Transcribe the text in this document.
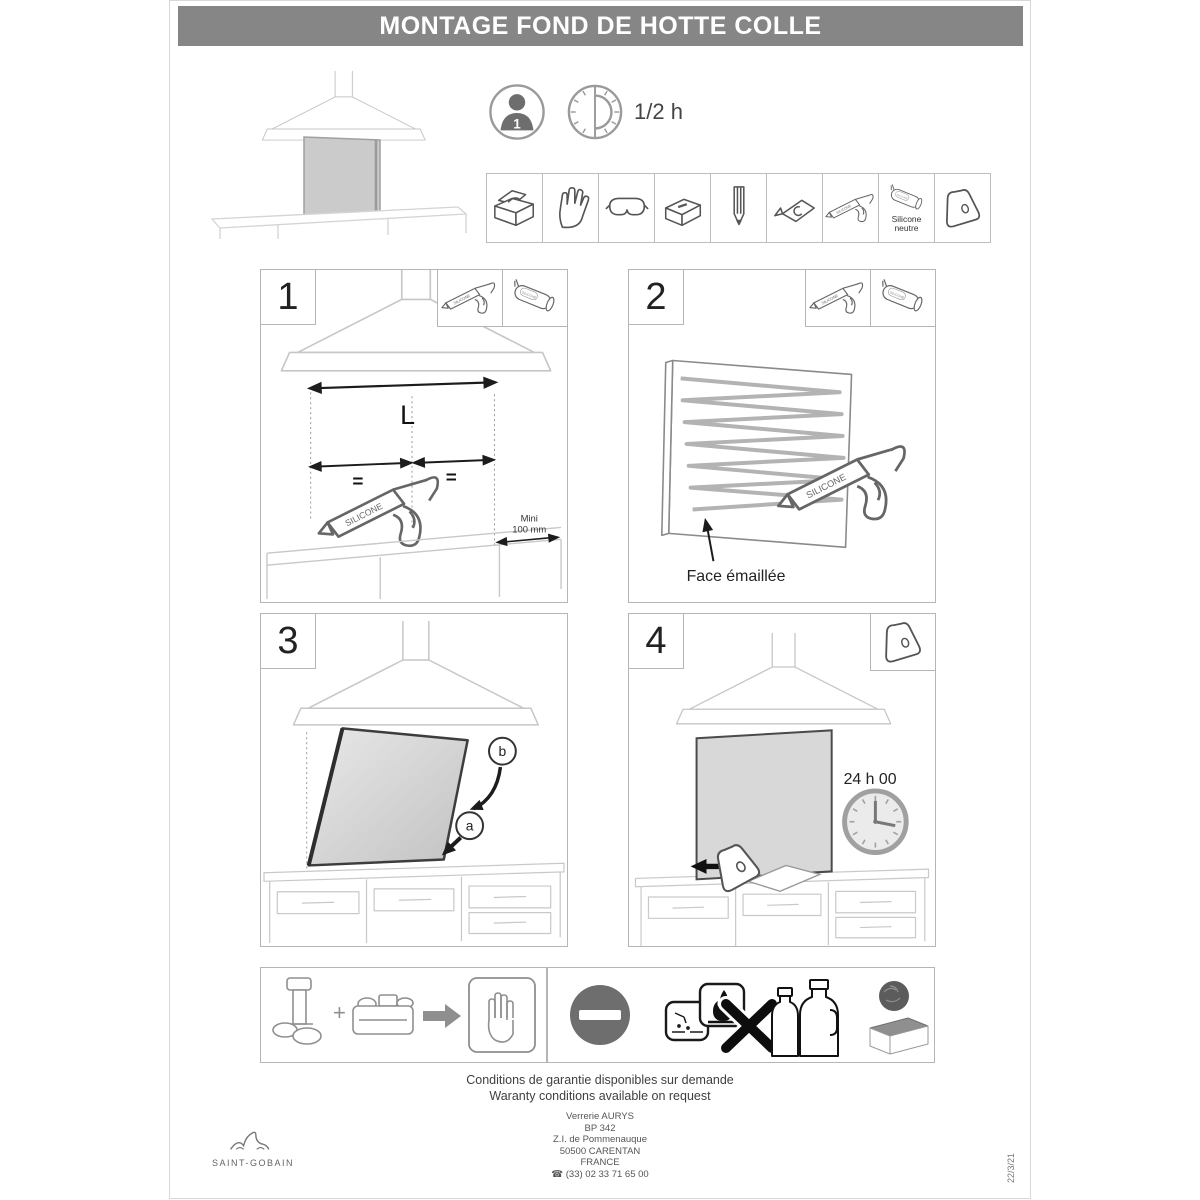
MONTAGE FOND DE HOTTE COLLE
1	1/2 h
Silicone
neutre
L
=	=
Mini
100 mm
1
Face émaillée
2
b
a
3
24 h 00
4
+
Conditions de garantie disponibles sur demande
Waranty conditions available on request
Verrerie AURYS
BP 342
Z.I. de Pommenauque
50500 CARENTAN
FRANCE
☎ (33) 02 33 71 65 00
SAINT-GOBAIN	22/3/21
